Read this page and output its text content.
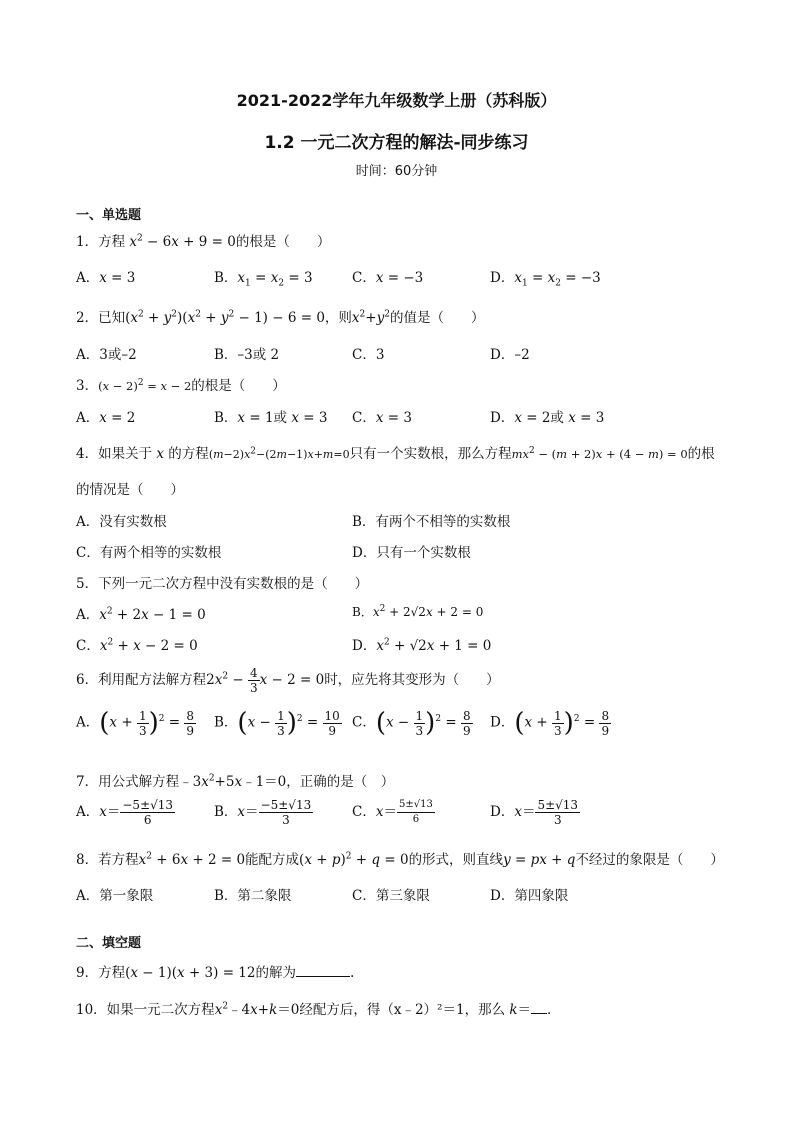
2021-2022学年九年级数学上册（苏科版）
1.2 一元二次方程的解法-同步练习
时间：60分钟
一、单选题
1．方程 $x^2 - 6x + 9 = 0$的根是（　　）
A．x = 3	B．$x_1 = x_2 = 3$	C．x = −3	D．$x_1 = x_2 = -3$
2．已知$(x^2 + y^2)(x^2 + y^2 - 1) - 6 = 0$，则$x^2+y^2$的值是（　　）
A．3或–2	B．–3或 2	C．3	D．–2
3．$(x - 2)^2 = x - 2$的根是（　　）
A．x = 2	B．x = 1或 x = 3 C．x = 3	D．x = 2或 x = 3
4．如果关于 x 的方程$(m-2)x^2-(2m-1)x+m=0$只有一个实数根，那么方程$mx^2 - (m + 2)x + (4 - m) = 0$的根
的情况是（　　）
A．没有实数根	B．有两个不相等的实数根
C．有两个相等的实数根	D．只有一个实数根
5．下列一元二次方程中没有实数根的是（　　）
A．$x^2 + 2x - 1 = 0$	B．$x^2 + 2√2x + 2 = 0$
C．$x^2 + x - 2 = 0$	D．$x^2 + √2x + 1 = 0$
6．利用配方法解方程$2x^2 - \frac{4}{3}$ x − 2 = 0时，应先将其变形为（　　）
A．$(x + \frac{1}{3} )^2 = \frac{8}{9}$ B．$(x - \frac{1}{3} )^2 = \frac{10}{9}$ C．$(x - \frac{1}{3} )^2 = \frac{8}{9}$ D．$(x + \frac{1}{3} )^2 = \frac{8}{9}$
7．用公式解方程$﹣3x^2+5x﹣1=0$，正确的是（　）
A．$x= \frac{-5\pm√13}{6}$	B．$x= \frac{-5\pm√13}{3}$	C．$x= \frac{5\pm√13}{6}$	D．$x= \frac{5\pm√13}{3}$
8．若方程$x^2 + 6x + 2 = 0$能配方成$(x + p)^2 + q = 0$的形式，则直线y = px + q不经过的象限是（　　）
A．第一象限	B．第二象限	C．第三象限	D．第四象限
二、填空题
9．方程(x − 1)(x + 3) = 12的解为	.
10．如果一元二次方程$x^2﹣4x+k=0$经配方后，得（x﹣2）²＝1，那么 k＝ ．
